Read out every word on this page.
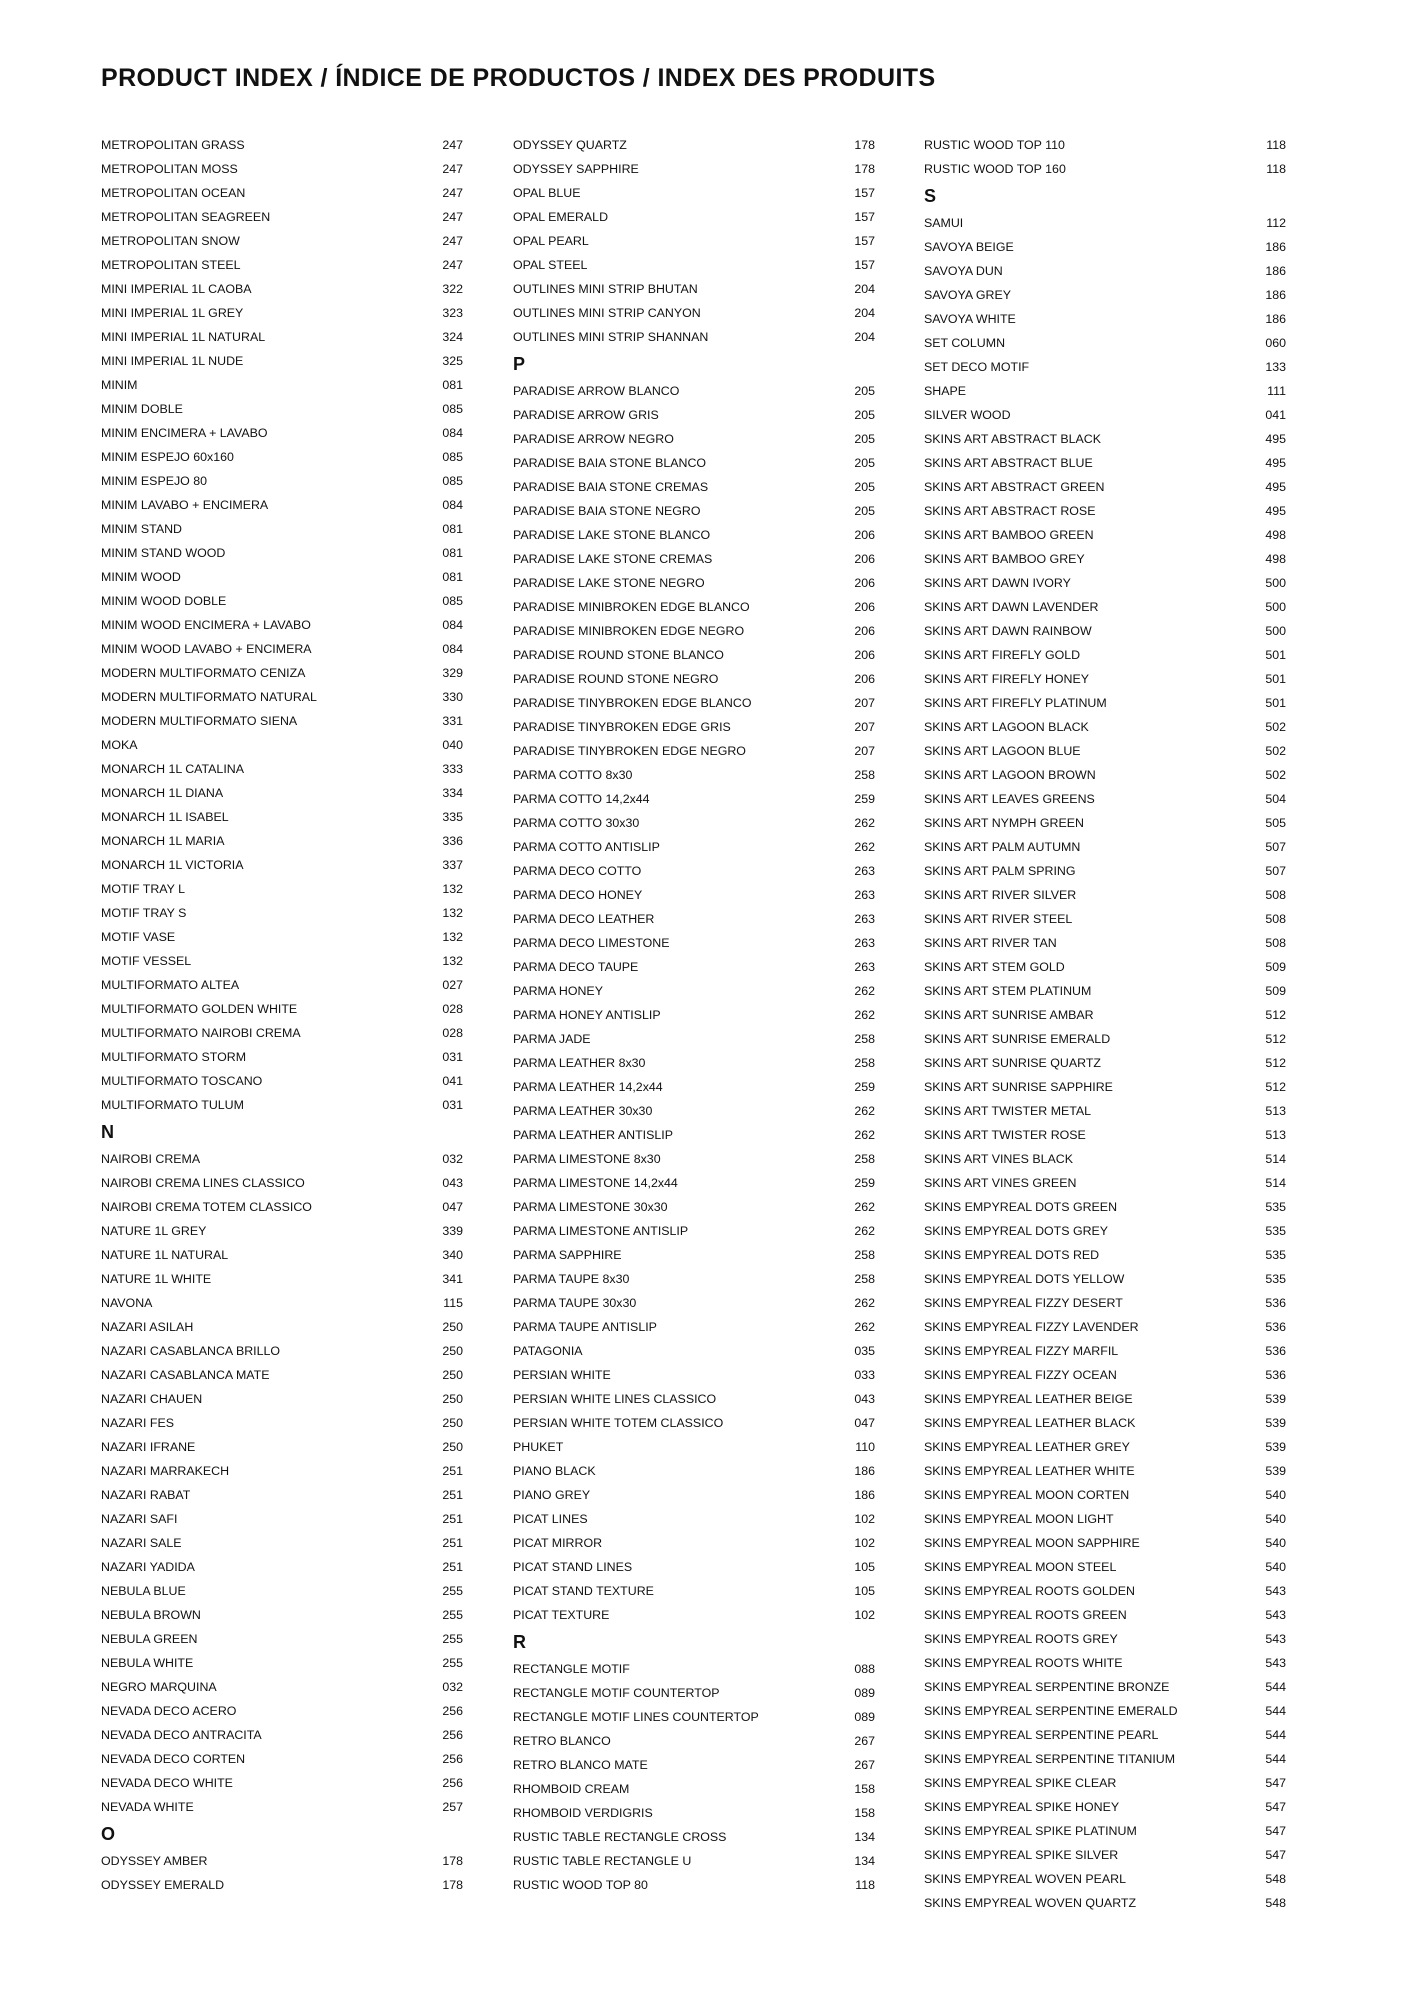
PRODUCT INDEX / ÍNDICE DE PRODUCTOS / INDEX DES PRODUITS
METROPOLITAN GRASS	247
METROPOLITAN MOSS	247
METROPOLITAN OCEAN	247
METROPOLITAN SEAGREEN	247
METROPOLITAN SNOW	247
METROPOLITAN STEEL	247
MINI IMPERIAL 1L CAOBA	322
MINI IMPERIAL 1L GREY	323
MINI IMPERIAL 1L NATURAL	324
MINI IMPERIAL 1L NUDE	325
MINIM	081
MINIM DOBLE	085
MINIM ENCIMERA + LAVABO	084
MINIM ESPEJO 60x160	085
MINIM ESPEJO 80	085
MINIM LAVABO + ENCIMERA	084
MINIM STAND	081
MINIM STAND WOOD	081
MINIM WOOD	081
MINIM WOOD DOBLE	085
MINIM WOOD ENCIMERA + LAVABO	084
MINIM WOOD LAVABO + ENCIMERA	084
MODERN MULTIFORMATO CENIZA	329
MODERN MULTIFORMATO NATURAL	330
MODERN MULTIFORMATO SIENA	331
MOKA	040
MONARCH 1L CATALINA	333
MONARCH 1L DIANA	334
MONARCH 1L ISABEL	335
MONARCH 1L MARIA	336
MONARCH 1L VICTORIA	337
MOTIF TRAY L	132
MOTIF TRAY S	132
MOTIF VASE	132
MOTIF VESSEL	132
MULTIFORMATO ALTEA	027
MULTIFORMATO GOLDEN WHITE	028
MULTIFORMATO NAIROBI CREMA	028
MULTIFORMATO STORM	031
MULTIFORMATO TOSCANO	041
MULTIFORMATO TULUM	031
N
NAIROBI CREMA	032
NAIROBI CREMA LINES CLASSICO	043
NAIROBI CREMA TOTEM CLASSICO	047
NATURE 1L GREY	339
NATURE 1L NATURAL	340
NATURE 1L WHITE	341
NAVONA	115
NAZARI ASILAH	250
NAZARI CASABLANCA BRILLO	250
NAZARI CASABLANCA MATE	250
NAZARI CHAUEN	250
NAZARI FES	250
NAZARI IFRANE	250
NAZARI MARRAKECH	251
NAZARI RABAT	251
NAZARI SAFI	251
NAZARI SALE	251
NAZARI YADIDA	251
NEBULA BLUE	255
NEBULA BROWN	255
NEBULA GREEN	255
NEBULA WHITE	255
NEGRO MARQUINA	032
NEVADA DECO ACERO	256
NEVADA DECO ANTRACITA	256
NEVADA DECO CORTEN	256
NEVADA DECO WHITE	256
NEVADA WHITE	257
O
ODYSSEY AMBER	178
ODYSSEY EMERALD	178
ODYSSEY QUARTZ	178
ODYSSEY SAPPHIRE	178
OPAL BLUE	157
OPAL EMERALD	157
OPAL PEARL	157
OPAL STEEL	157
OUTLINES MINI STRIP BHUTAN	204
OUTLINES MINI STRIP CANYON	204
OUTLINES MINI STRIP SHANNAN	204
P
PARADISE ARROW BLANCO	205
PARADISE ARROW GRIS	205
PARADISE ARROW NEGRO	205
PARADISE BAIA STONE BLANCO	205
PARADISE BAIA STONE CREMAS	205
PARADISE BAIA STONE NEGRO	205
PARADISE LAKE STONE BLANCO	206
PARADISE LAKE STONE CREMAS	206
PARADISE LAKE STONE NEGRO	206
PARADISE MINIBROKEN EDGE BLANCO	206
PARADISE MINIBROKEN EDGE NEGRO	206
PARADISE ROUND STONE BLANCO	206
PARADISE ROUND STONE NEGRO	206
PARADISE TINYBROKEN EDGE BLANCO	207
PARADISE TINYBROKEN EDGE GRIS	207
PARADISE TINYBROKEN EDGE NEGRO	207
PARMA COTTO 8x30	258
PARMA COTTO 14,2x44	259
PARMA COTTO 30x30	262
PARMA COTTO ANTISLIP	262
PARMA DECO COTTO	263
PARMA DECO HONEY	263
PARMA DECO LEATHER	263
PARMA DECO LIMESTONE	263
PARMA DECO TAUPE	263
PARMA HONEY	262
PARMA HONEY ANTISLIP	262
PARMA JADE	258
PARMA LEATHER 8x30	258
PARMA LEATHER 14,2x44	259
PARMA LEATHER 30x30	262
PARMA LEATHER ANTISLIP	262
PARMA LIMESTONE 8x30	258
PARMA LIMESTONE 14,2x44	259
PARMA LIMESTONE 30x30	262
PARMA LIMESTONE ANTISLIP	262
PARMA SAPPHIRE	258
PARMA TAUPE 8x30	258
PARMA TAUPE 30x30	262
PARMA TAUPE ANTISLIP	262
PATAGONIA	035
PERSIAN WHITE	033
PERSIAN WHITE LINES CLASSICO	043
PERSIAN WHITE TOTEM CLASSICO	047
PHUKET	110
PIANO BLACK	186
PIANO GREY	186
PICAT LINES	102
PICAT MIRROR	102
PICAT STAND LINES	105
PICAT STAND TEXTURE	105
PICAT TEXTURE	102
R
RECTANGLE MOTIF	088
RECTANGLE MOTIF COUNTERTOP	089
RECTANGLE MOTIF LINES COUNTERTOP	089
RETRO BLANCO	267
RETRO BLANCO MATE	267
RHOMBOID CREAM	158
RHOMBOID VERDIGRIS	158
RUSTIC TABLE RECTANGLE CROSS	134
RUSTIC TABLE RECTANGLE U	134
RUSTIC WOOD TOP 80	118
RUSTIC WOOD TOP 110	118
RUSTIC WOOD TOP 160	118
S
SAMUI	112
SAVOYA BEIGE	186
SAVOYA DUN	186
SAVOYA GREY	186
SAVOYA WHITE	186
SET COLUMN	060
SET DECO MOTIF	133
SHAPE	111
SILVER WOOD	041
SKINS ART ABSTRACT BLACK	495
SKINS ART ABSTRACT BLUE	495
SKINS ART ABSTRACT GREEN	495
SKINS ART ABSTRACT ROSE	495
SKINS ART BAMBOO GREEN	498
SKINS ART BAMBOO GREY	498
SKINS ART DAWN IVORY	500
SKINS ART DAWN LAVENDER	500
SKINS ART DAWN RAINBOW	500
SKINS ART FIREFLY GOLD	501
SKINS ART FIREFLY HONEY	501
SKINS ART FIREFLY PLATINUM	501
SKINS ART LAGOON BLACK	502
SKINS ART LAGOON BLUE	502
SKINS ART LAGOON BROWN	502
SKINS ART LEAVES GREENS	504
SKINS ART NYMPH GREEN	505
SKINS ART PALM AUTUMN	507
SKINS ART PALM SPRING	507
SKINS ART RIVER SILVER	508
SKINS ART RIVER STEEL	508
SKINS ART RIVER TAN	508
SKINS ART STEM GOLD	509
SKINS ART STEM PLATINUM	509
SKINS ART SUNRISE AMBAR	512
SKINS ART SUNRISE EMERALD	512
SKINS ART SUNRISE QUARTZ	512
SKINS ART SUNRISE SAPPHIRE	512
SKINS ART TWISTER METAL	513
SKINS ART TWISTER ROSE	513
SKINS ART VINES BLACK	514
SKINS ART VINES GREEN	514
SKINS EMPYREAL DOTS GREEN	535
SKINS EMPYREAL DOTS GREY	535
SKINS EMPYREAL DOTS RED	535
SKINS EMPYREAL DOTS YELLOW	535
SKINS EMPYREAL FIZZY DESERT	536
SKINS EMPYREAL FIZZY LAVENDER	536
SKINS EMPYREAL FIZZY MARFIL	536
SKINS EMPYREAL FIZZY OCEAN	536
SKINS EMPYREAL LEATHER BEIGE	539
SKINS EMPYREAL LEATHER BLACK	539
SKINS EMPYREAL LEATHER GREY	539
SKINS EMPYREAL LEATHER WHITE	539
SKINS EMPYREAL MOON CORTEN	540
SKINS EMPYREAL MOON LIGHT	540
SKINS EMPYREAL MOON SAPPHIRE	540
SKINS EMPYREAL MOON STEEL	540
SKINS EMPYREAL ROOTS GOLDEN	543
SKINS EMPYREAL ROOTS GREEN	543
SKINS EMPYREAL ROOTS GREY	543
SKINS EMPYREAL ROOTS WHITE	543
SKINS EMPYREAL SERPENTINE BRONZE	544
SKINS EMPYREAL SERPENTINE EMERALD	544
SKINS EMPYREAL SERPENTINE PEARL	544
SKINS EMPYREAL SERPENTINE TITANIUM	544
SKINS EMPYREAL SPIKE CLEAR	547
SKINS EMPYREAL SPIKE HONEY	547
SKINS EMPYREAL SPIKE PLATINUM	547
SKINS EMPYREAL SPIKE SILVER	547
SKINS EMPYREAL WOVEN PEARL	548
SKINS EMPYREAL WOVEN QUARTZ	548
